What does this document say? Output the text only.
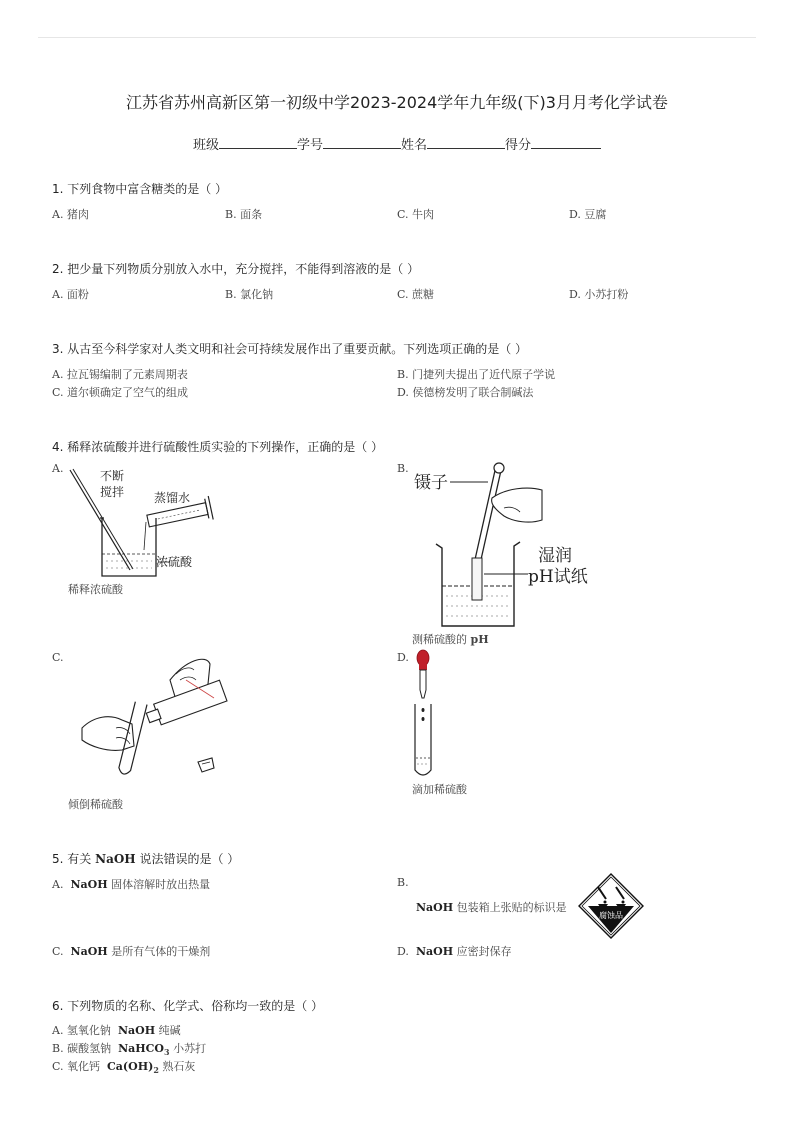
江苏省苏州高新区第一初级中学2023-2024学年九年级(下)3月月考化学试卷
班级	学号	姓名	得分
1. 下列食物中富含糖类的是（ ）
A. 猪肉	B. 面条	C. 牛肉	D. 豆腐
2. 把少量下列物质分别放入水中，充分搅拌，不能得到溶液的是（ ）
A. 面粉	B. 氯化钠	C. 蔗糖	D. 小苏打粉
3. 从古至今科学家对人类文明和社会可持续发展作出了重要贡献。下列选项正确的是（ ）
A. 拉瓦锡编制了元素周期表	B. 门捷列夫提出了近代原子学说
C. 道尔顿确定了空气的组成	D. 侯德榜发明了联合制碱法
4. 稀释浓硫酸并进行硫酸性质实验的下列操作，正确的是（ ）
A.
不断
搅拌 蒸馏水
浓硫酸
稀释浓硫酸
B.
镊子
湿润
pH试纸
测稀硫酸的 pH
C.
倾倒稀硫酸
D.
滴加稀硫酸
5. 有关 NaOH 说法错误的是（ ）
A. NaOH 固体溶解时放出热量	B.
NaOH 包装箱上张贴的标识是
腐蚀品
C. NaOH 是所有气体的干燥剂	D. NaOH 应密封保存
6. 下列物质的名称、化学式、俗称均一致的是（ ）
A. 氢氧化钠 NaOH 纯碱
B. 碳酸氢钠 NaHCO$_3$ 小苏打
C. 氧化钙 $Ca(OH)_2$ 熟石灰
